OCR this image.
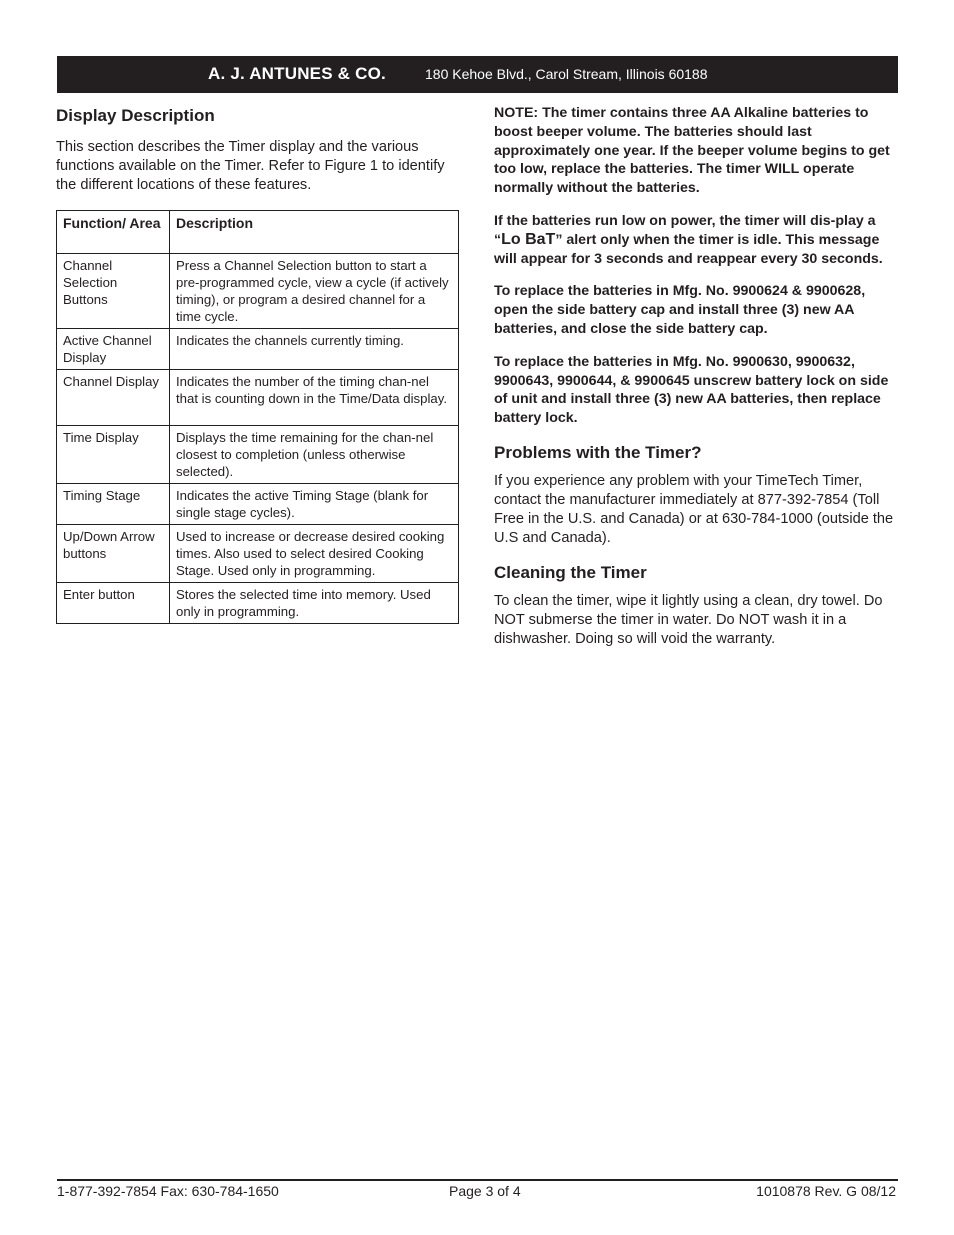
A. J. ANTUNES & CO.	180 Kehoe Blvd., Carol Stream, Illinois 60188
Display Description

This section describes the Timer display and the various functions available on the Timer. Refer to Figure 1 to identify the different locations of these features.

Function/ Area	Description
Channel Selection Buttons	Press a Channel Selection button to start a pre-programmed cycle, view a cycle (if actively timing), or program a desired channel for a time cycle.
Active Channel Display	Indicates the channels currently timing.
Channel Display	Indicates the number of the timing chan-nel that is counting down in the Time/Data display.
Time Display	Displays the time remaining for the chan-nel closest to completion (unless otherwise selected).
Timing Stage	Indicates the active Timing Stage (blank for single stage cycles).
Up/Down Arrow buttons	Used to increase or decrease desired cooking times. Also used to select desired Cooking Stage. Used only in programming.
Enter button	Stores the selected time into memory. Used only in programming.

NOTE: The timer contains three AA Alkaline batteries to boost beeper volume. The batteries should last approximately one year. If the beeper volume begins to get too low, replace the batteries. The timer WILL operate normally without the batteries.

If the batteries run low on power, the timer will dis-play a “Lo BaT” alert only when the timer is idle. This message will appear for 3 seconds and reappear every 30 seconds.

To replace the batteries in Mfg. No. 9900624 & 9900628, open the side battery cap and install three (3) new AA batteries, and close the side battery cap.

To replace the batteries in Mfg. No. 9900630, 9900632, 9900643, 9900644, & 9900645 unscrew battery lock on side of unit and install three (3) new AA batteries, then replace battery lock.

Problems with the Timer?

If you experience any problem with your TimeTech Timer, contact the manufacturer immediately at 877-392-7854 (Toll Free in the U.S. and Canada) or at 630-784-1000 (outside the U.S and Canada).

Cleaning the Timer

To clean the timer, wipe it lightly using a clean, dry towel. Do NOT submerse the timer in water. Do NOT wash it in a dishwasher. Doing so will void the warranty.

1-877-392-7854 Fax: 630-784-1650	Page 3 of 4	1010878 Rev. G 08/12
